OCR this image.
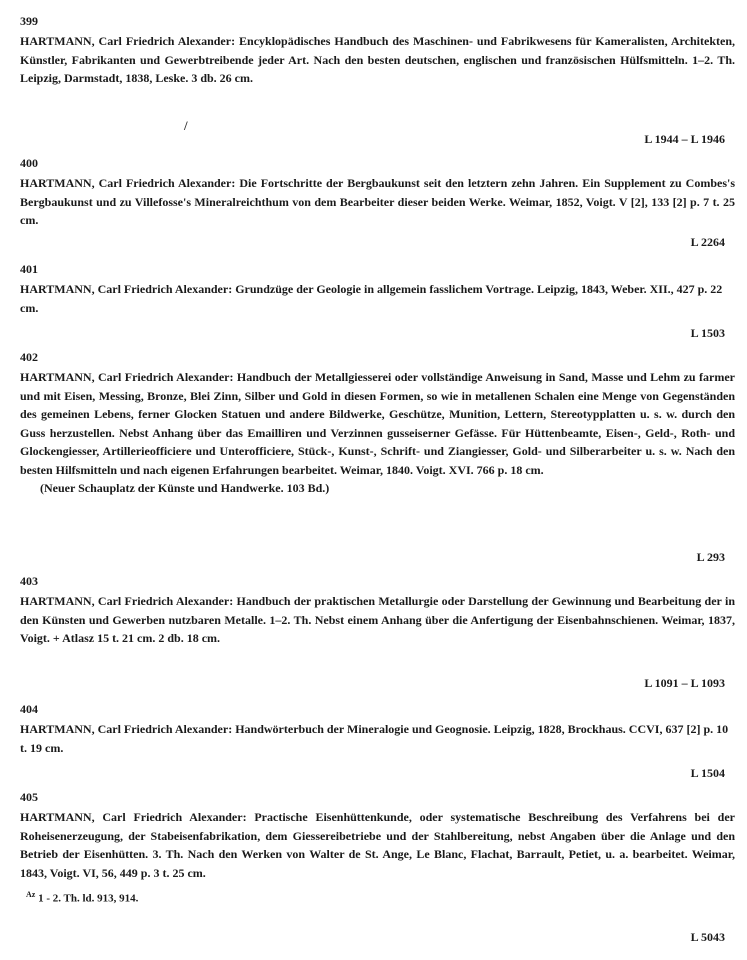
399
HARTMANN, Carl Friedrich Alexander: Encyklopädisches Handbuch des Maschinen- und Fabrikwesens für Kameralisten, Architekten, Künstler, Fabrikanten und Gewerbtreibende jeder Art. Nach den besten deutschen, englischen und französischen Hülfsmitteln. 1–2. Th. Leipzig, Darmstadt, 1838, Leske. 3 db. 26 cm.
L 1944 – L 1946
/
400
HARTMANN, Carl Friedrich Alexander: Die Fortschritte der Bergbaukunst seit den letztern zehn Jahren. Ein Supplement zu Combes's Bergbaukunst und zu Villefosse's Mineralreichthum von dem Bearbeiter dieser beiden Werke. Weimar, 1852, Voigt. V [2], 133 [2] p. 7 t. 25 cm.
L 2264
401
HARTMANN, Carl Friedrich Alexander: Grundzüge der Geologie in allgemein fasslichem Vortrage. Leipzig, 1843, Weber. XII., 427 p. 22 cm.
L 1503
402
HARTMANN, Carl Friedrich Alexander: Handbuch der Metallgiesserei oder vollständige Anweisung in Sand, Masse und Lehm zu farmer und mit Eisen, Messing, Bronze, Blei Zinn, Silber und Gold in diesen Formen, so wie in metallenen Schalen eine Menge von Gegenständen des gemeinen Lebens, ferner Glocken Statuen und andere Bildwerke, Geschütze, Munition, Lettern, Stereotypplatten u. s. w. durch den Guss herzustellen. Nebst Anhang über das Emailliren und Verzinnen gusseiserner Gefässe. Für Hüttenbeamte, Eisen-, Geld-, Roth- und Glockengiesser, Artillerieofficiere und Unterofficiere, Stück-, Kunst-, Schrift- und Ziangiesser, Gold- und Silberarbeiter u. s. w. Nach den besten Hilfsmitteln und nach eigenen Erfahrungen bearbeitet. Weimar, 1840. Voigt. XVI. 766 p. 18 cm.
(Neuer Schauplatz der Künste und Handwerke. 103 Bd.)
L 293
403
HARTMANN, Carl Friedrich Alexander: Handbuch der praktischen Metallurgie oder Darstellung der Gewinnung und Bearbeitung der in den Künsten und Gewerben nutzbaren Metalle. 1–2. Th. Nebst einem Anhang über die Anfertigung der Eisenbahnschienen. Weimar, 1837, Voigt. + Atlasz 15 t. 21 cm. 2 db. 18 cm.
L 1091 – L 1093
404
HARTMANN, Carl Friedrich Alexander: Handwörterbuch der Mineralogie und Geognosie. Leipzig, 1828, Brockhaus. CCVI, 637 [2] p. 10 t. 19 cm.
L 1504
405
HARTMANN, Carl Friedrich Alexander: Practische Eisenhüttenkunde, oder systematische Beschreibung des Verfahrens bei der Roheisenerzeugung, der Stabeisenfabrikation, dem Giessereibetriebe und der Stahlbereitung, nebst Angaben über die Anlage und den Betrieb der Eisenhütten. 3. Th. Nach den Werken von Walter de St. Ange, Le Blanc, Flachat, Barrault, Petiet, u. a. bearbeitet. Weimar, 1843, Voigt. VI, 56, 449 p. 3 t. 25 cm.
$^{Az}$ 1 - 2. Th. ld. 913, 914.
L 5043
